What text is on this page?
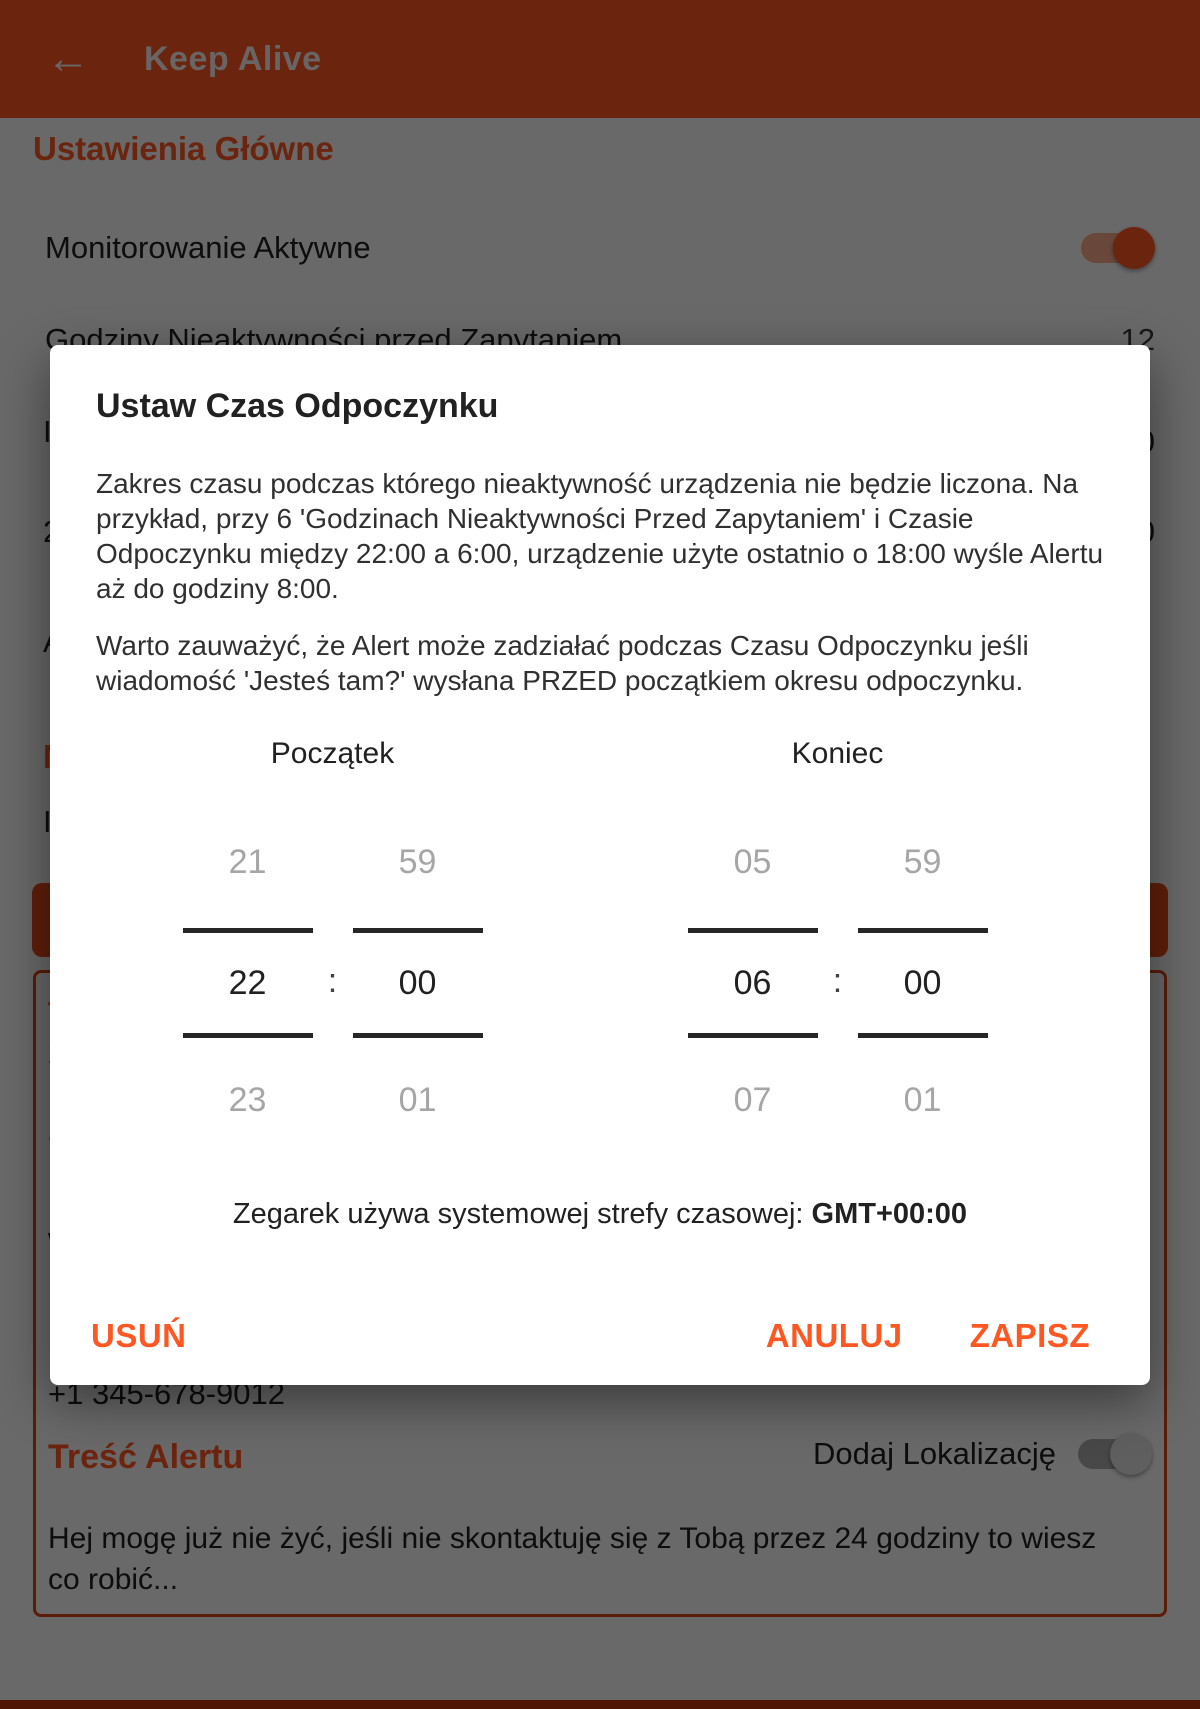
Ustaw Czas Odpoczynku
Zakres czasu podczas którego nieaktywność urządzenia nie będzie liczona. Na przykład, przy 6 'Godzinach Nieaktywności Przed Zapytaniem' i Czasie Odpoczynku między 22:00 a 6:00, urządzenie użyte ostatnio o 18:00 wyśle Alertu aż do godziny 8:00.
Warto zauważyć, że Alert może zadziałać podczas Czasu Odpoczynku jeśli wiadomość 'Jesteś tam?' wysłana PRZED początkiem okresu odpoczynku.
Początek
21
22
23
:
59
00
01
Koniec
05
06
07
:
59
00
01
Zegarek używa systemowej strefy czasowej: GMT+00:00
USUŃ	ANULUJ ZAPISZ
